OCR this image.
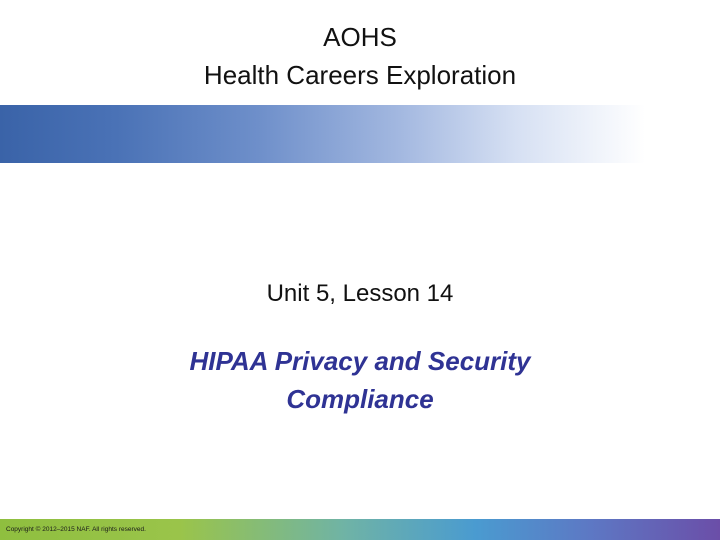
AOHS
Health Careers Exploration
Unit 5, Lesson 14
HIPAA Privacy and Security
Compliance
Copyright © 2012–2015 NAF. All rights reserved.
